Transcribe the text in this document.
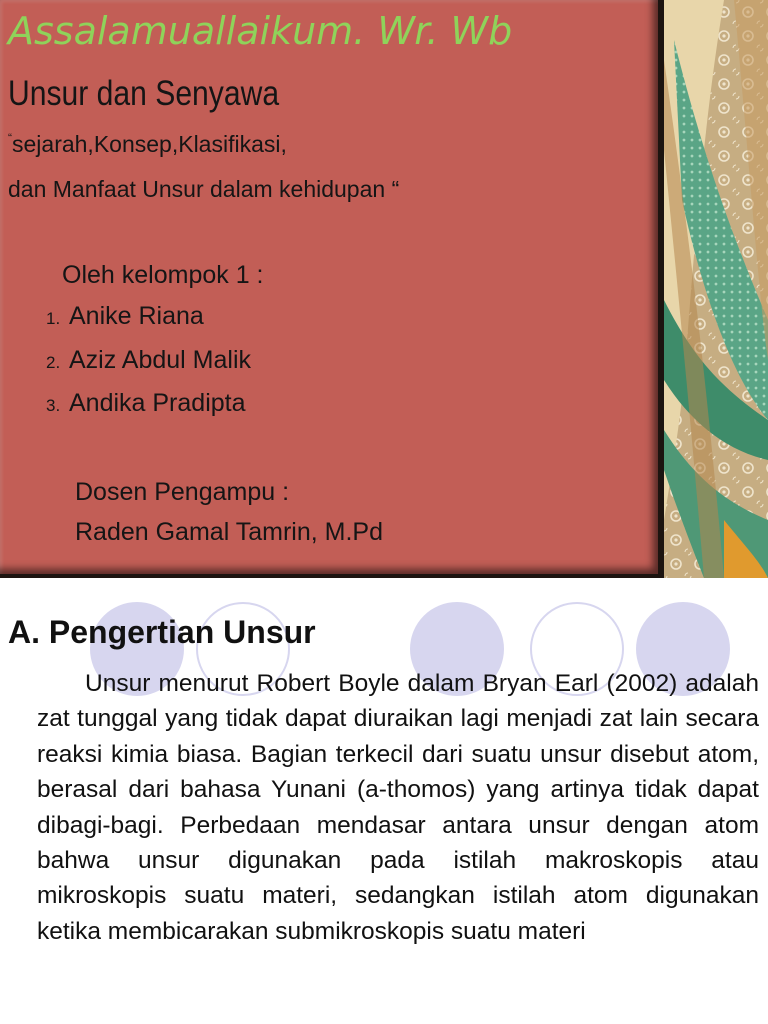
Assalamuallaikum. Wr. Wb
Unsur dan Senyawa
“sejarah,Konsep,Klasifikasi,
dan Manfaat Unsur dalam kehidupan “
Oleh kelompok 1 :
1. Anike Riana
2. Aziz Abdul Malik
3. Andika Pradipta
Dosen Pengampu :
Raden Gamal Tamrin, M.Pd
A. Pengertian Unsur
Unsur menurut Robert Boyle dalam Bryan Earl (2002) adalah zat tunggal yang tidak dapat diuraikan lagi menjadi zat lain secara reaksi kimia biasa. Bagian terkecil dari suatu unsur disebut atom, berasal dari bahasa Yunani (a-thomos) yang artinya tidak dapat dibagi-bagi. Perbedaan mendasar antara unsur dengan atom bahwa unsur digunakan pada istilah makroskopis atau mikroskopis suatu materi, sedangkan istilah atom digunakan ketika membicarakan submikroskopis suatu materi
